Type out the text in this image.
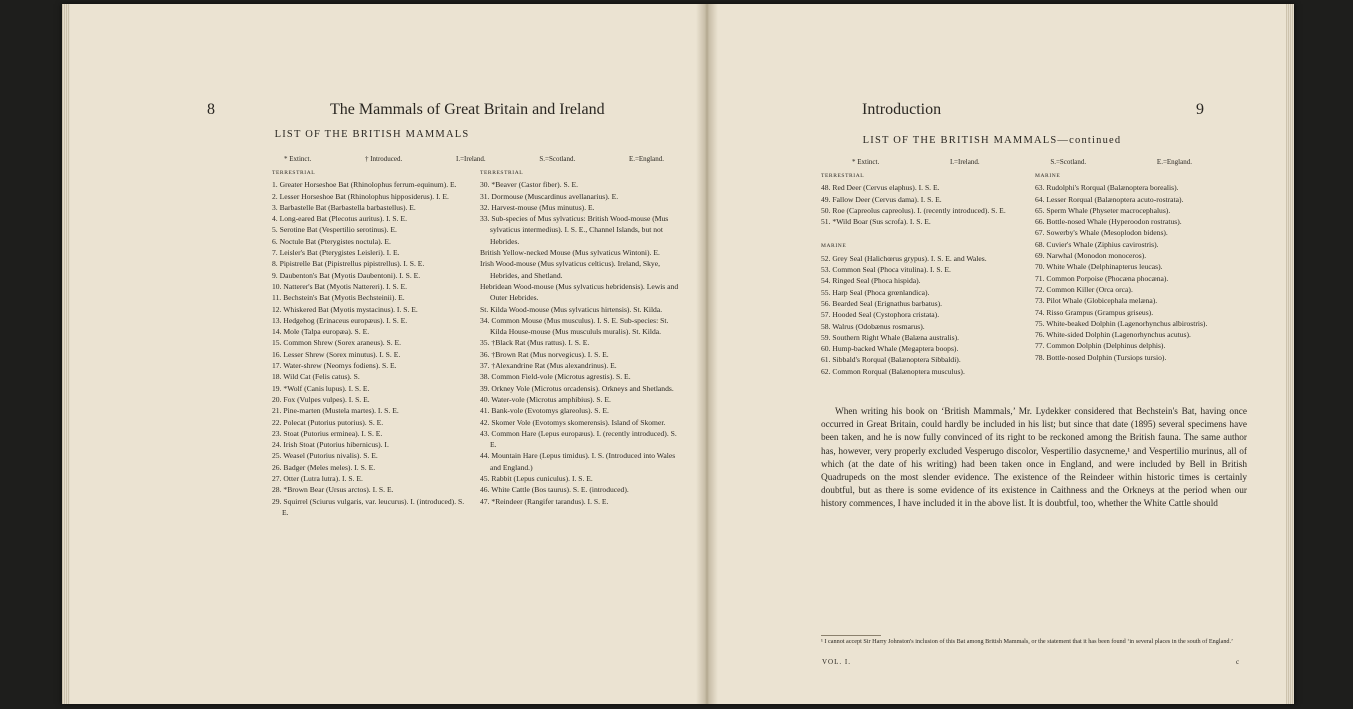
8	The Mammals of Great Britain and Ireland
LIST OF THE BRITISH MAMMALS
* Extinct.	† Introduced.	I.=Ireland.	S.=Scotland.	E.=England.
TERRESTRIAL
1. Greater Horseshoe Bat (Rhinolophus ferrum-equinum). E.
2. Lesser Horseshoe Bat (Rhinolophus hipposiderus). I. E.
3. Barbastelle Bat (Barbastella barbastellus). E.
4. Long-eared Bat (Plecotus auritus). I. S. E.
5. Serotine Bat (Vespertilio serotinus). E.
6. Noctule Bat (Pterygistes noctula). E.
7. Leisler's Bat (Pterygistes Leisleri). I. E.
8. Pipistrelle Bat (Pipistrellus pipistrellus). I. S. E.
9. Daubenton's Bat (Myotis Daubentoni). I. S. E.
10. Natterer's Bat (Myotis Nattereri). I. S. E.
11. Bechstein's Bat (Myotis Bechsteinii). E.
12. Whiskered Bat (Myotis mystacinus). I. S. E.
13. Hedgehog (Erinaceus europæus). I. S. E.
14. Mole (Talpa europæa). S. E.
15. Common Shrew (Sorex araneus). S. E.
16. Lesser Shrew (Sorex minutus). I. S. E.
17. Water-shrew (Neomys fodiens). S. E.
18. Wild Cat (Felis catus). S.
19. *Wolf (Canis lupus). I. S. E.
20. Fox (Vulpes vulpes). I. S. E.
21. Pine-marten (Mustela martes). I. S. E.
22. Polecat (Putorius putorius). S. E.
23. Stoat (Putorius erminea). I. S. E.
24. Irish Stoat (Putorius hibernicus). I.
25. Weasel (Putorius nivalis). S. E.
26. Badger (Meles meles). I. S. E.
27. Otter (Lutra lutra). I. S. E.
28. *Brown Bear (Ursus arctos). I. S. E.
29. Squirrel (Sciurus vulgaris, var. leucurus). I. (introduced). S. E.
TERRESTRIAL
30. *Beaver (Castor fiber). S. E.
31. Dormouse (Muscardinus avellanarius). E.
32. Harvest-mouse (Mus minutus). E.
33. Sub-species of Mus sylvaticus: British Wood-mouse (Mus sylvaticus intermedius). I. S. E., Channel Islands, but not Hebrides.
British Yellow-necked Mouse (Mus sylvaticus Wintoni). E.
Irish Wood-mouse (Mus sylvaticus celticus). Ireland, Skye, Hebrides, and Shetland.
Hebridean Wood-mouse (Mus sylvaticus hebridensis). Lewis and Outer Hebrides.
St. Kilda Wood-mouse (Mus sylvaticus hirtensis). St. Kilda.
34. Common Mouse (Mus musculus). I. S. E. Sub-species: St. Kilda House-mouse (Mus muscululs muralis). St. Kilda.
35. †Black Rat (Mus rattus). I. S. E.
36. †Brown Rat (Mus norvegicus). I. S. E.
37. †Alexandrine Rat (Mus alexandrinus). E.
38. Common Field-vole (Microtus agrestis). S. E.
39. Orkney Vole (Microtus orcadensis). Orkneys and Shetlands.
40. Water-vole (Microtus amphibius). S. E.
41. Bank-vole (Evotomys glareolus). S. E.
42. Skomer Vole (Evotomys skomerensis). Island of Skomer.
43. Common Hare (Lepus europæus). I. (recently introduced). S. E.
44. Mountain Hare (Lepus timidus). I. S. (Introduced into Wales and England.)
45. Rabbit (Lepus cuniculus). I. S. E.
46. White Cattle (Bos taurus). S. E. (introduced).
47. *Reindeer (Rangifer tarandus). I. S. E.
Introduction	9
LIST OF THE BRITISH MAMMALS—continued
* Extinct.	I.=Ireland.	S.=Scotland.	E.=England.
TERRESTRIAL
48. Red Deer (Cervus elaphus). I. S. E.
49. Fallow Deer (Cervus dama). I. S. E.
50. Roe (Capreolus capreolus). I. (recently introduced). S. E.
51. *Wild Boar (Sus scrofa). I. S. E.
MARINE
52. Grey Seal (Halichœrus grypus). I. S. E. and Wales.
53. Common Seal (Phoca vitulina). I. S. E.
54. Ringed Seal (Phoca hispida).
55. Harp Seal (Phoca grœnlandica).
56. Bearded Seal (Erignathus barbatus).
57. Hooded Seal (Cystophora cristata).
58. Walrus (Odobænus rosmarus).
59. Southern Right Whale (Balæna australis).
60. Hump-backed Whale (Megaptera boops).
61. Sibbald's Rorqual (Balænoptera Sibbaldi).
62. Common Rorqual (Balænoptera musculus).
MARINE
63. Rudolphi's Rorqual (Balænoptera borealis).
64. Lesser Rorqual (Balænoptera acuto-rostrata).
65. Sperm Whale (Physeter macrocephalus).
66. Bottle-nosed Whale (Hyperoodon rostratus).
67. Sowerby's Whale (Mesoplodon bidens).
68. Cuvier's Whale (Ziphius cavirostris).
69. Narwhal (Monodon monoceros).
70. White Whale (Delphinapterus leucas).
71. Common Porpoise (Phocæna phocæna).
72. Common Killer (Orca orca).
73. Pilot Whale (Globicephala melæna).
74. Risso Grampus (Grampus griseus).
75. White-beaked Dolphin (Lagenorhynchus albirostris).
76. White-sided Dolphin (Lagenorhynchus acutus).
77. Common Dolphin (Delphinus delphis).
78. Bottle-nosed Dolphin (Tursiops tursio).
When writing his book on ‘British Mammals,’ Mr. Lydekker considered that Bechstein's Bat, having once occurred in Great Britain, could hardly be included in his list; but since that date (1895) several specimens have been taken, and he is now fully convinced of its right to be reckoned among the British fauna. The same author has, however, very properly excluded Vesperugo discolor, Vespertilio dasycneme,¹ and Vespertilio murinus, all of which (at the date of his writing) had been taken once in England, and were included by Bell in British Quadrupeds on the most slender evidence. The existence of the Reindeer within historic times is certainly doubtful, but as there is some evidence of its existence in Caithness and the Orkneys at the period when our history commences, I have included it in the above list. It is doubtful, too, whether the White Cattle should
¹ I cannot accept Sir Harry Johnston's inclusion of this Bat among British Mammals, or the statement that it has been found ‘in several places in the south of England.’
VOL. I.	c
